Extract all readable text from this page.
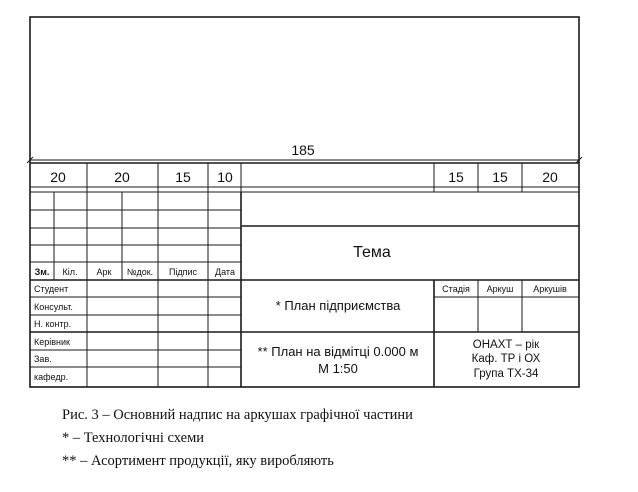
185
20	20	15 10	15 15 20
Зм. Кіл. Арк №док. Підпис Дата
Студент
Консульт.
Н. контр.
Керівник
Зав.
кафедр.
Тема
* План підприємства
** План на відмітці 0.000 м
М 1:50
Стадія Аркуш Аркушів
ОНАХТ – рік
Каф. ТР і ОХ
Група ТХ-34
Рис. 3 – Основний надпис на аркушах графічної частини
* – Технологічні схеми
** – Асортимент продукції, яку виробляють
